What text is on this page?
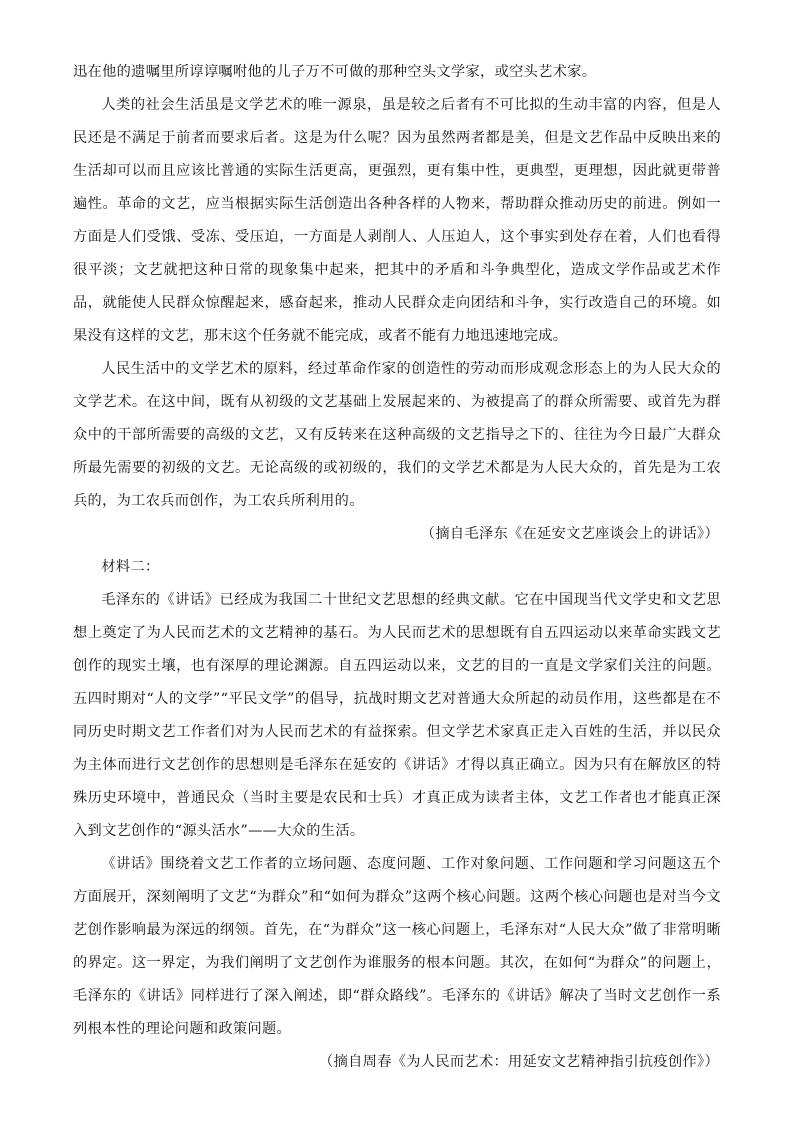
迅在他的遗嘱里所谆谆嘱咐他的儿子万不可做的那种空头文学家，或空头艺术家。

人类的社会生活虽是文学艺术的唯一源泉，虽是较之后者有不可比拟的生动丰富的内容，但是人民还是不满足于前者而要求后者。这是为什么呢？因为虽然两者都是美，但是文艺作品中反映出来的生活却可以而且应该比普通的实际生活更高，更强烈，更有集中性，更典型，更理想，因此就更带普遍性。革命的文艺，应当根据实际生活创造出各种各样的人物来，帮助群众推动历史的前进。例如一方面是人们受饿、受冻、受压迫，一方面是人剥削人、人压迫人，这个事实到处存在着，人们也看得很平淡；文艺就把这种日常的现象集中起来，把其中的矛盾和斗争典型化，造成文学作品或艺术作品，就能使人民群众惊醒起来，感奋起来，推动人民群众走向团结和斗争，实行改造自己的环境。如果没有这样的文艺，那末这个任务就不能完成，或者不能有力地迅速地完成。

人民生活中的文学艺术的原料，经过革命作家的创造性的劳动而形成观念形态上的为人民大众的文学艺术。在这中间，既有从初级的文艺基础上发展起来的、为被提高了的群众所需要、或首先为群众中的干部所需要的高级的文艺，又有反转来在这种高级的文艺指导之下的、往往为今日最广大群众所最先需要的初级的文艺。无论高级的或初级的，我们的文学艺术都是为人民大众的，首先是为工农兵的，为工农兵而创作，为工农兵所利用的。

（摘自毛泽东《在延安文艺座谈会上的讲话》）

材料二：

毛泽东的《讲话》已经成为我国二十世纪文艺思想的经典文献。它在中国现当代文学史和文艺思想上奠定了为人民而艺术的文艺精神的基石。为人民而艺术的思想既有自五四运动以来革命实践文艺创作的现实土壤，也有深厚的理论渊源。自五四运动以来，文艺的目的一直是文学家们关注的问题。五四时期对“人的文学”“平民文学”的倡导，抗战时期文艺对普通大众所起的动员作用，这些都是在不同历史时期文艺工作者们对为人民而艺术的有益探索。但文学艺术家真正走入百姓的生活，并以民众为主体而进行文艺创作的思想则是毛泽东在延安的《讲话》才得以真正确立。因为只有在解放区的特殊历史环境中，普通民众（当时主要是农民和士兵）才真正成为读者主体，文艺工作者也才能真正深入到文艺创作的“源头活水”——大众的生活。

《讲话》围绕着文艺工作者的立场问题、态度问题、工作对象问题、工作问题和学习问题这五个方面展开，深刻阐明了文艺“为群众”和“如何为群众”这两个核心问题。这两个核心问题也是对当今文艺创作影响最为深远的纲领。首先，在“为群众”这一核心问题上，毛泽东对“人民大众”做了非常明晰的界定。这一界定，为我们阐明了文艺创作为谁服务的根本问题。其次，在如何“为群众”的问题上，毛泽东的《讲话》同样进行了深入阐述，即“群众路线”。毛泽东的《讲话》解决了当时文艺创作一系列根本性的理论问题和政策问题。

（摘自周春《为人民而艺术：用延安文艺精神指引抗疫创作》）
